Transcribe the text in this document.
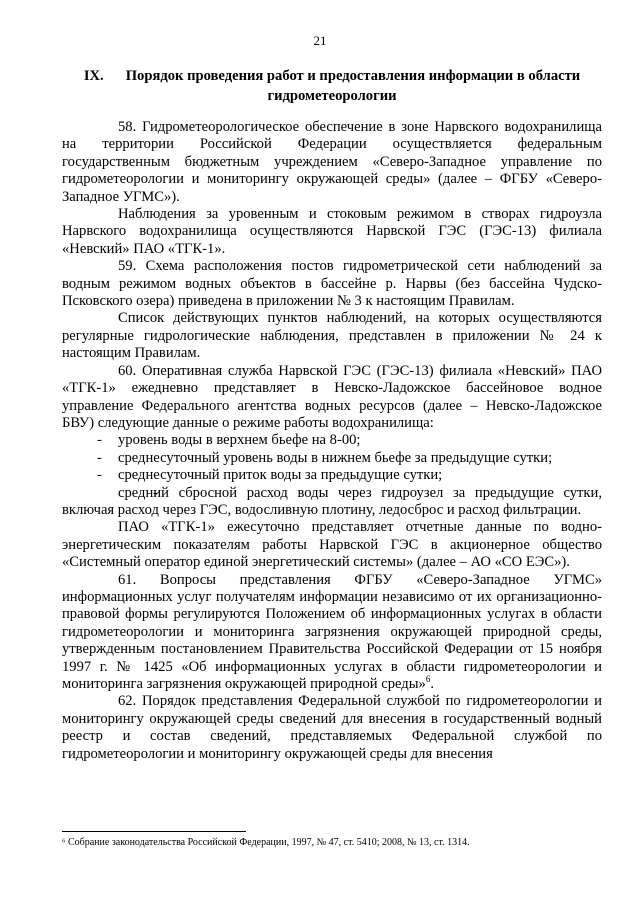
21
IX. Порядок проведения работ и предоставления информации в области гидрометеорологии

58. Гидрометеорологическое обеспечение в зоне Нарвского водохранилища на территории Российской Федерации осуществляется федеральным государственным бюджетным учреждением «Северо-Западное управление по гидрометеорологии и мониторингу окружающей среды» (далее – ФГБУ «Северо-Западное УГМС»).

Наблюдения за уровенным и стоковым режимом в створах гидроузла Нарвского водохранилища осуществляются Нарвской ГЭС (ГЭС-13) филиала «Невский» ПАО «ТГК-1».

59. Схема расположения постов гидрометрической сети наблюдений за водным режимом водных объектов в бассейне р. Нарвы (без бассейна Чудско-Псковского озера) приведена в приложении № 3 к настоящим Правилам.

Список действующих пунктов наблюдений, на которых осуществляются регулярные гидрологические наблюдения, представлен в приложении № 24 к настоящим Правилам.

60. Оперативная служба Нарвской ГЭС (ГЭС-13) филиала «Невский» ПАО «ТГК-1» ежедневно представляет в Невско-Ладожское бассейновое водное управление Федерального агентства водных ресурсов (далее – Невско-Ладожское БВУ) следующие данные о режиме работы водохранилища:

- уровень воды в верхнем бьефе на 8-00;

- среднесуточный уровень воды в нижнем бьефе за предыдущие сутки;

- среднесуточный приток воды за предыдущие сутки;

- средний сбросной расход воды через гидроузел за предыдущие сутки, включая расход через ГЭС, водосливную плотину, ледосброс и расход фильтрации.

ПАО «ТГК-1» ежесуточно представляет отчетные данные по водно-энергетическим показателям работы Нарвской ГЭС в акционерное общество «Системный оператор единой энергетический системы» (далее – АО «СО ЕЭС»).

61. Вопросы представления ФГБУ «Северо-Западное УГМС» информационных услуг получателям информации независимо от их организационно-правовой формы регулируются Положением об информационных услугах в области гидрометеорологии и мониторинга загрязнения окружающей природной среды, утвержденным постановлением Правительства Российской Федерации от 15 ноября 1997 г. № 1425 «Об информационных услугах в области гидрометеорологии и мониторинга загрязнения окружающей природной среды»$^6$.

62. Порядок представления Федеральной службой по гидрометеорологии и мониторингу окружающей среды сведений для внесения в государственный водный реестр и состав сведений, представляемых Федеральной службой по гидрометеорологии и мониторингу окружающей среды для внесения

⁶ Собрание законодательства Российской Федерации, 1997, № 47, ст. 5410; 2008, № 13, ст. 1314.
